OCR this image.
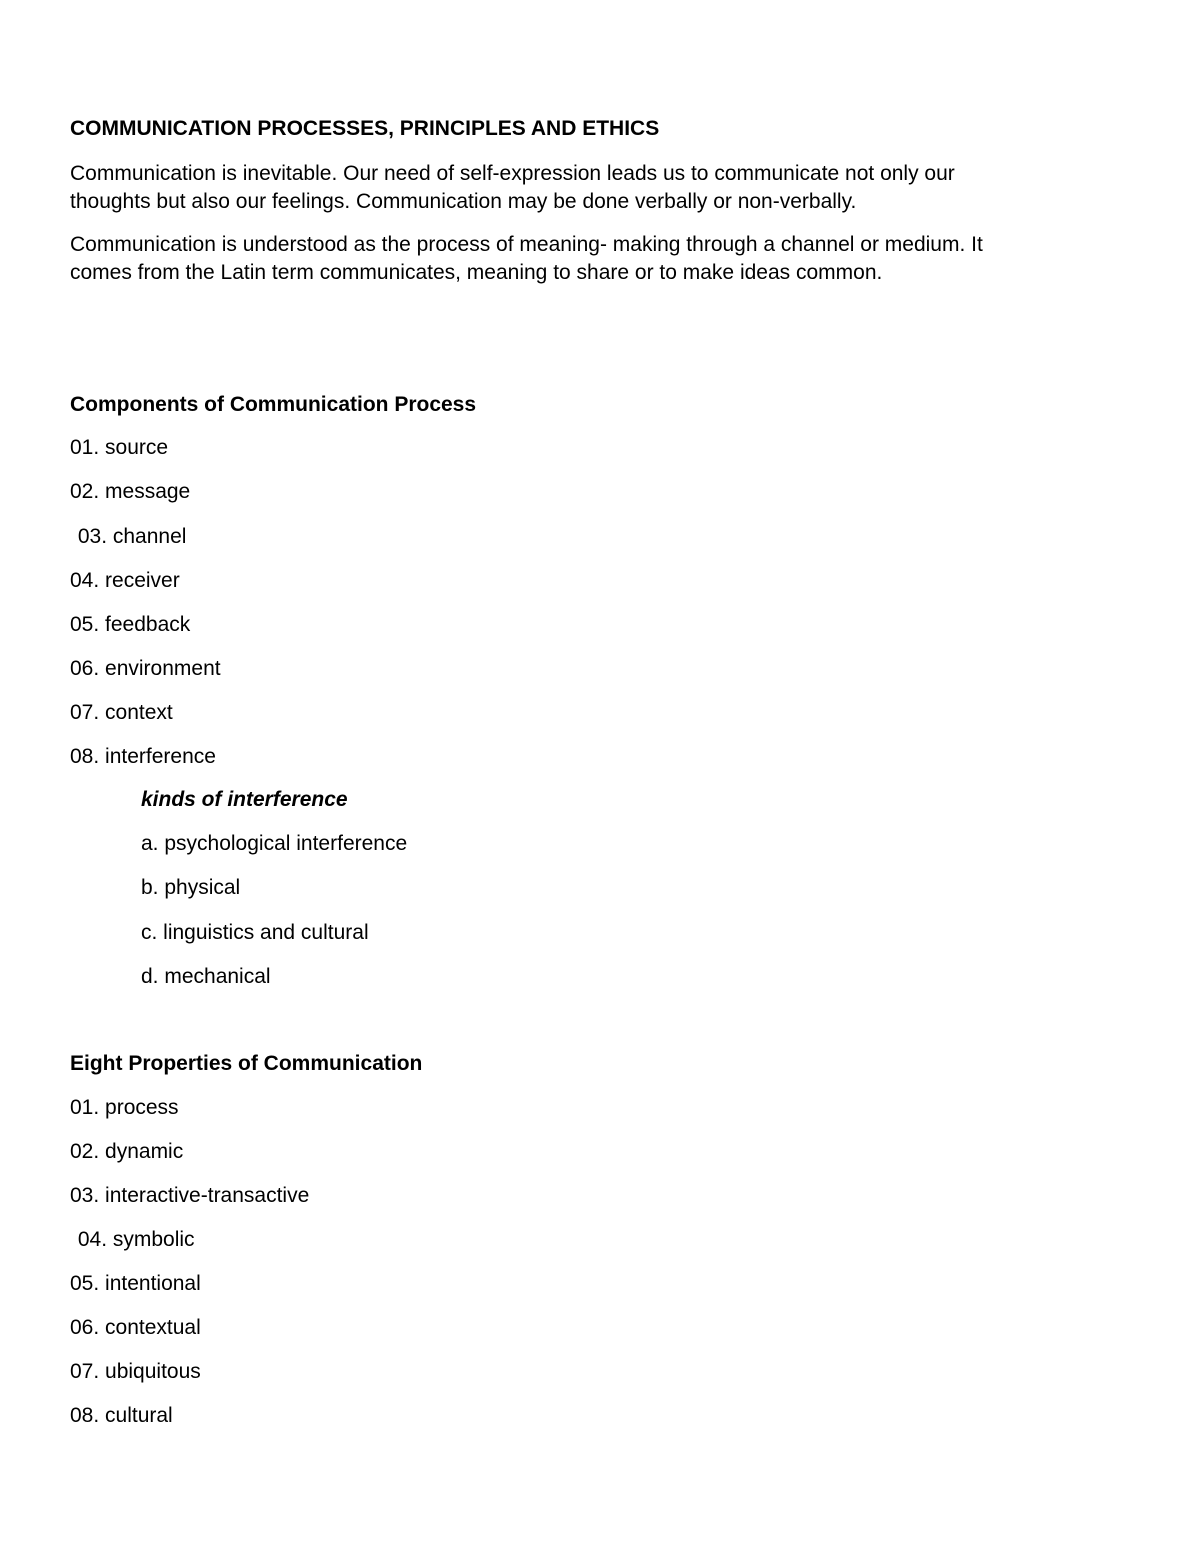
COMMUNICATION PROCESSES, PRINCIPLES AND ETHICS

Communication is inevitable. Our need of self-expression leads us to communicate not only our

thoughts but also our feelings. Communication may be done verbally or non-verbally.

Communication is understood as the process of meaning- making through a channel or medium. It

comes from the Latin term communicates, meaning to share or to make ideas common.

Components of Communication Process

01. source

02. message

03. channel

04. receiver

05. feedback

06. environment

07. context

08. interference

kinds of interference

a. psychological interference

b. physical

c. linguistics and cultural

d. mechanical

Eight Properties of Communication

01. process

02. dynamic

03. interactive-transactive

04. symbolic

05. intentional

06. contextual

07. ubiquitous

08. cultural
